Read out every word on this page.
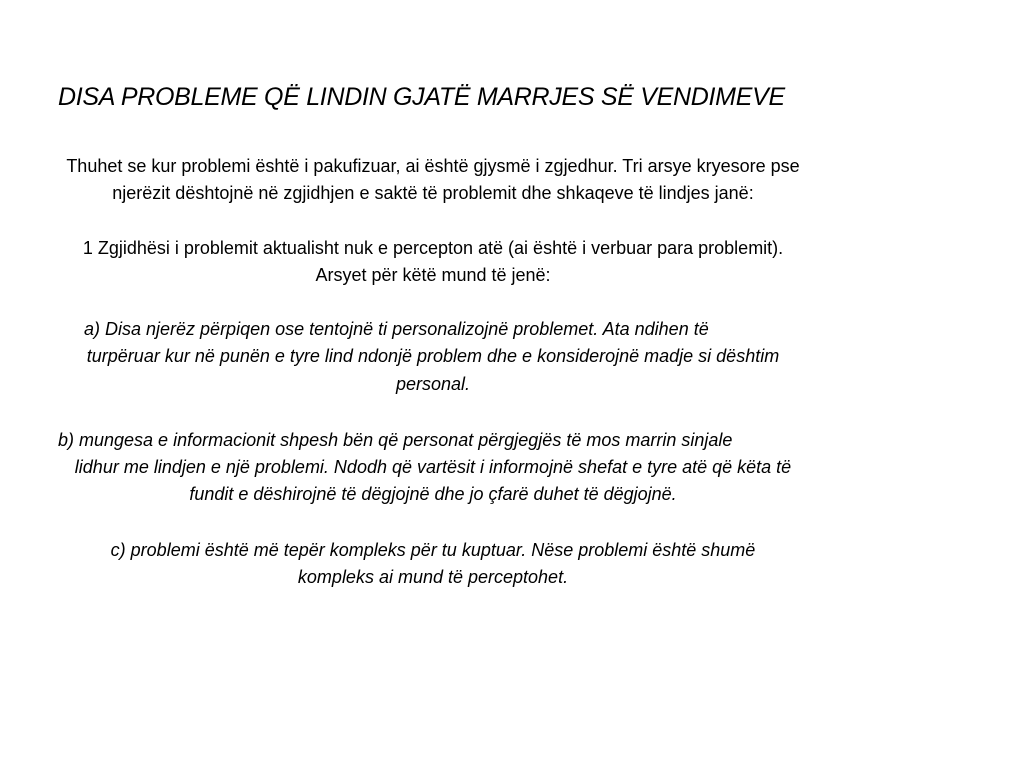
DISA PROBLEME QË LINDIN GJATË MARRJES SË VENDIMEVE
Thuhet se kur problemi është i pakufizuar, ai është gjysmë i zgjedhur. Tri arsye kryesore pse
njerëzit dështojnë në zgjidhjen e saktë të problemit dhe shkaqeve të lindjes janë:
1 Zgjidhësi i problemit aktualisht nuk e percepton atë (ai është i verbuar para problemit).
Arsyet për këtë mund të jenë:
a) Disa njerëz përpiqen ose tentojnë ti personalizojnë problemet. Ata ndihen të
turpëruar kur në punën e tyre lind ndonjë problem dhe e konsiderojnë madje si dështim
personal.
b) mungesa e informacionit shpesh bën që personat përgjegjës të mos marrin sinjale
lidhur me lindjen e një problemi. Ndodh që vartësit i informojnë shefat e tyre atë që këta të
fundit e dëshirojnë të dëgjojnë dhe jo çfarë duhet të dëgjojnë.
c) problemi është më tepër kompleks për tu kuptuar. Nëse problemi është shumë
kompleks ai mund të perceptohet.
